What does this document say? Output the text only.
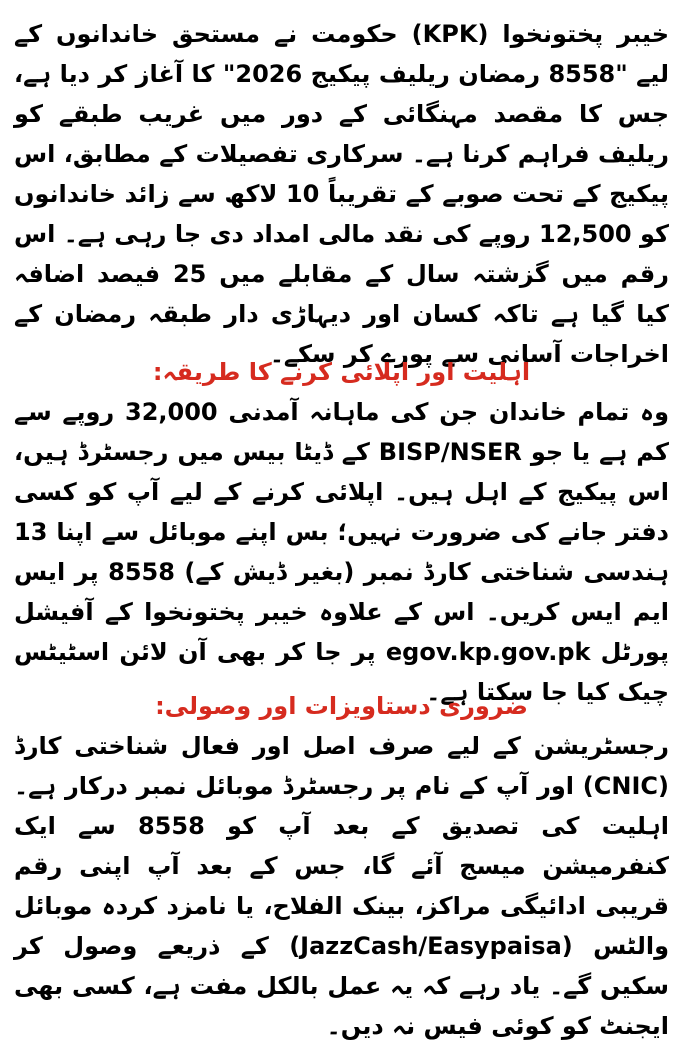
خیبر پختونخوا (KPK) حکومت نے مستحق خاندانوں کے لیے "8558 رمضان ریلیف پیکیج 2026" کا آغاز کر دیا ہے، جس کا مقصد مہنگائی کے دور میں غریب طبقے کو ریلیف فراہم کرنا ہے۔ سرکاری تفصیلات کے مطابق، اس پیکیج کے تحت صوبے کے تقریباً 10 لاکھ سے زائد خاندانوں کو 12,500 روپے کی نقد مالی امداد دی جا رہی ہے۔ اس رقم میں گزشتہ سال کے مقابلے میں 25 فیصد اضافہ کیا گیا ہے تاکہ کسان اور دیہاڑی دار طبقہ رمضان کے اخراجات آسانی سے پورے کر سکے۔

اہلیت اور اپلائی کرنے کا طریقہ:

وہ تمام خاندان جن کی ماہانہ آمدنی 32,000 روپے سے کم ہے یا جو BISP/NSER کے ڈیٹا بیس میں رجسٹرڈ ہیں، اس پیکیج کے اہل ہیں۔ اپلائی کرنے کے لیے آپ کو کسی دفتر جانے کی ضرورت نہیں؛ بس اپنے موبائل سے اپنا 13 ہندسی شناختی کارڈ نمبر (بغیر ڈیش کے) 8558 پر ایس ایم ایس کریں۔ اس کے علاوہ خیبر پختونخوا کے آفیشل پورٹل egov.kp.gov.pk پر جا کر بھی آن لائن اسٹیٹس چیک کیا جا سکتا ہے۔

ضروری دستاویزات اور وصولی:

رجسٹریشن کے لیے صرف اصل اور فعال شناختی کارڈ (CNIC) اور آپ کے نام پر رجسٹرڈ موبائل نمبر درکار ہے۔ اہلیت کی تصدیق کے بعد آپ کو 8558 سے ایک کنفرمیشن میسج آئے گا، جس کے بعد آپ اپنی رقم قریبی ادائیگی مراکز، بینک الفلاح، یا نامزد کردہ موبائل والٹس (JazzCash/Easypaisa) کے ذریعے وصول کر سکیں گے۔ یاد رہے کہ یہ عمل بالکل مفت ہے، کسی بھی ایجنٹ کو کوئی فیس نہ دیں۔
